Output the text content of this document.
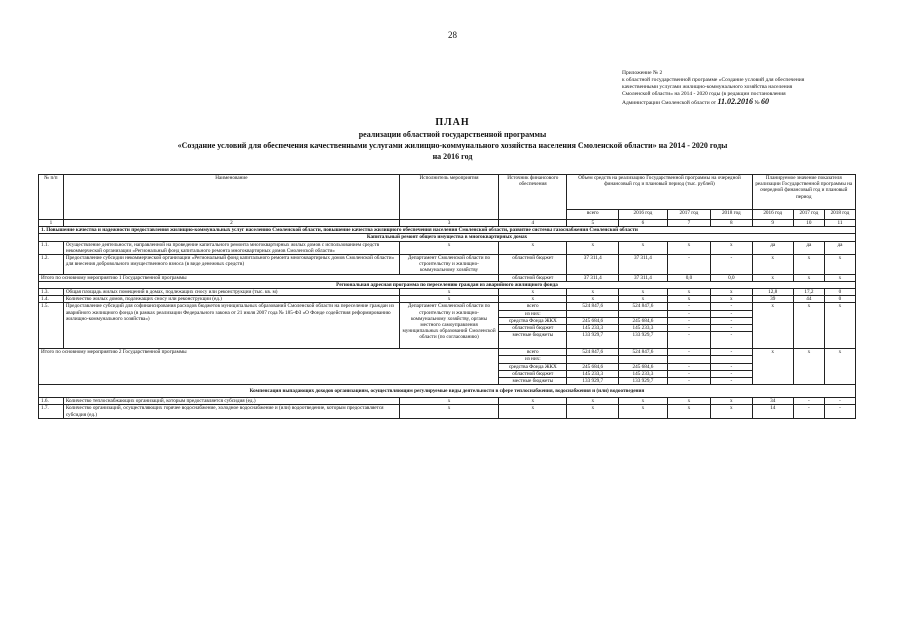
28
Приложение № 2
к областной государственной программе «Создание условий для обеспечения
качественными услугами жилищно-коммунального хозяйства населения
Смоленской области» на 2014 - 2020 годы (в редакции постановления
Администрации Смоленской области от 11.02.2016 № 60
ПЛАН
реализации областной государственной программы
«Создание условий для обеспечения качественными услугами жилищно-коммунального хозяйства населения Смоленской области» на 2014 - 2020 годы
на 2016 год
№ п/п	Наименование	Исполнитель мероприятия	Источник финансового обеспечения	Объем средств на реализацию Государственной программы на очередной финансовый год и плановый период (тыс. рублей)				Планируемое значение показателя реализации Государственной программы на очередной финансовый год и плановый период		
				всего	2016 год	2017 год	2018 год	2016 год	2017 год	2018 год
1	2	3	4	5	6	7	8	9	10	11
1. Повышение качества и надежности предоставления жилищно-коммунальных услуг населению Смоленской области, повышение качества жилищного обеспечения населения Смоленской области, развитие системы газоснабжения Смоленской области										
Капитальный ремонт общего имущества в многоквартирных домах										
1.1.	Осуществление деятельности, направленной на проведение капитального ремонта многоквартирных жилых домов с использованием средств некоммерческой организации «Региональный фонд капитального ремонта многоквартирных домов Смоленской области»	х	х	х	х	х	х	да	да	да
1.2.	Предоставление субсидии некоммерческой организации «Региональный фонд капитального ремонта многоквартирных домов Смоленской области» для внесения добровольного имущественного взноса (в виде денежных средств)	Департамент Смоленской области по строительству и жилищно-коммунальному хозяйству	областной бюджет	37 311,4	37 311,4	-	-	х	х	х
Итого по основному мероприятию 1 Государственной программы			областной бюджет	37 311,4	37 311,4	0,0	0,0	х	х	х
Региональная адресная программа по переселению граждан из аварийного жилищного фонда										
1.3.	Общая площадь жилых помещений в домах, подлежащих сносу или реконструкции (тыс. кв. м)	х	х	х	х	х	х	12,8	17,2	0
1.4.	Количество жилых домов, подлежащих сносу или реконструкции (ед.)	х	х	х	х	х	х	39	44	0
1.5.	Предоставление субсидий для софинансирования расходов бюджетов муниципальных образований Смоленской области на переселение граждан из аварийного жилищного фонда (в рамках реализации Федерального закона от 21 июля 2007 года № 185-ФЗ «О Фонде содействия реформированию жилищно-коммунального хозяйства»)	Департамент Смоленской области по строительству и жилищно-коммунальному хозяйству, органы местного самоуправления муниципальных образований Смоленской области (по согласованию)	всего	524 847,6	524 847,6	-	-	х	х	х
			из них:			-	-			
			средства Фонда ЖКХ	245 684,6	245 684,6	-	-			
			областной бюджет	145 233,3	145 233,3	-	-			
			местные бюджеты	133 929,7	133 929,7	-	-			
Итого по основному мероприятию 2 Государственной программы			всего	524 847,6	524 847,6	-	-	х	х	х
			из них:							
			средства Фонда ЖКХ	245 684,6	245 684,6	-	-			
			областной бюджет	145 233,3	145 233,3	-	-			
			местные бюджеты	133 929,7	133 929,7	-	-			
Компенсация выпадающих доходов организациям, осуществляющим регулируемые виды деятельности в сфере теплоснабжения, водоснабжения и (или) водоотведения										
1.6.	Количество теплоснабжающих организаций, которым предоставляется субсидия (ед.)	х	х	х	х	х	х	34	-	-
1.7.	Количество организаций, осуществляющих горячее водоснабжение, холодное водоснабжение и (или) водоотведение, которым предоставляется субсидия (ед.)	х	х	х	х	х	х	14	-	-
